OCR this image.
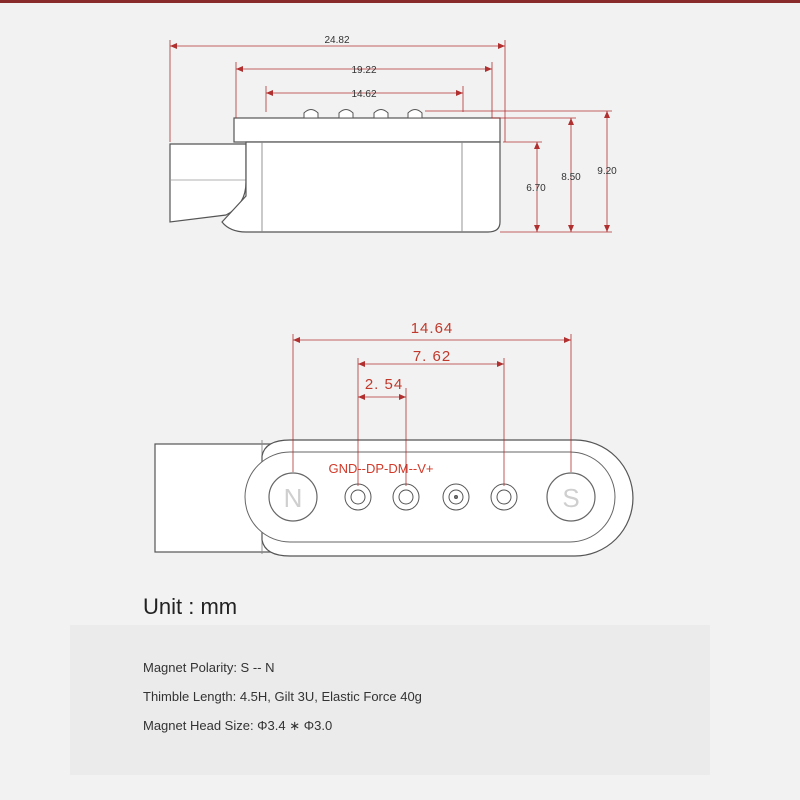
24.82
19.22
14.62
6.70
8.50
9.20
N	S
GND--DP-DM--V+
14.64
7. 62
2. 54
Unit : mm
Magnet Polarity: S -- N
Thimble Length: 4.5H, Gilt 3U, Elastic Force 40g
Magnet Head Size: Φ3.4 ∗ Φ3.0
